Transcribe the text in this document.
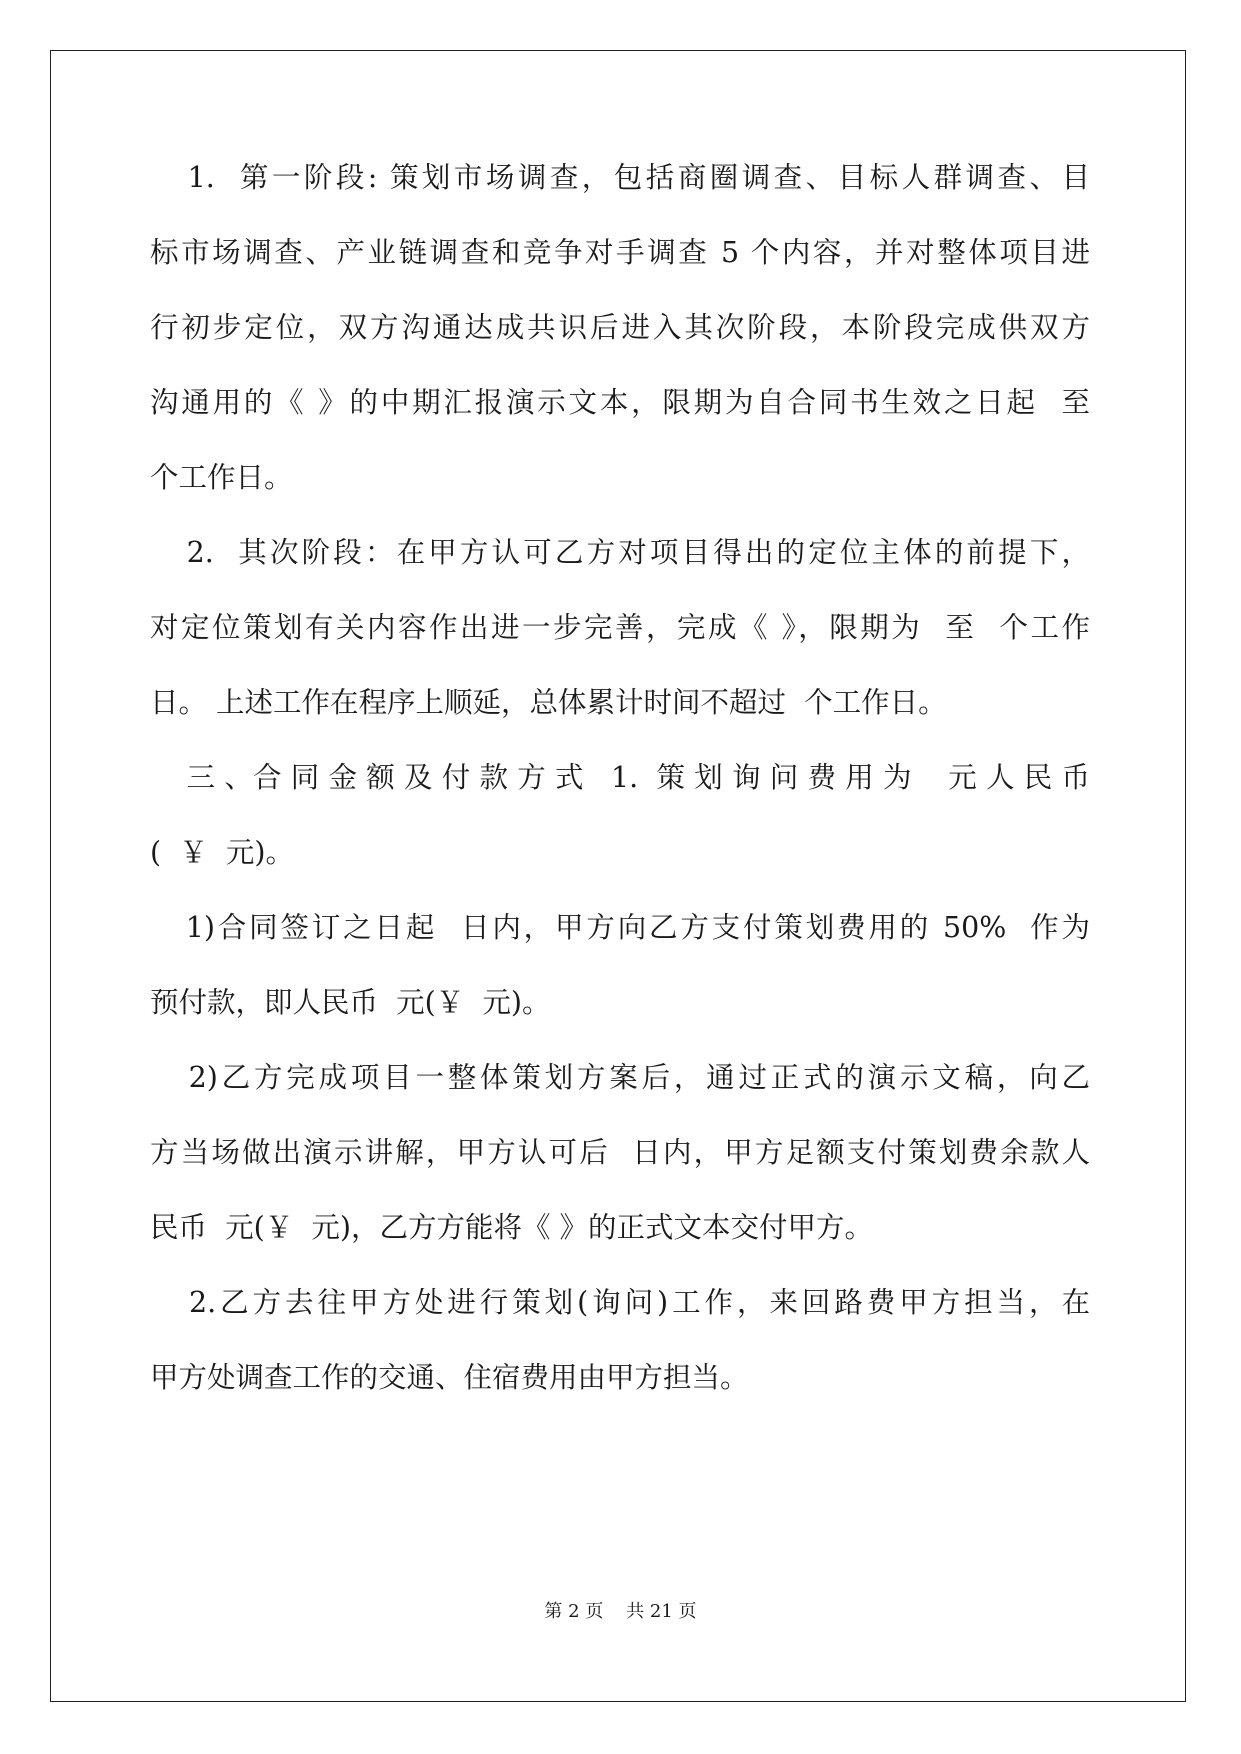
1.  第一阶段: 策划市场调查，包括商圈调查、目标人群调查、目
标市场调查、产业链调查和竞争对手调查 5 个内容，并对整体项目进
行初步定位，双方沟通达成共识后进入其次阶段，本阶段完成供双方
沟通用的《 》的中期汇报演示文本，限期为自合同书生效之日起  至
个工作日。
2.  其次阶段：在甲方认可乙方对项目得出的定位主体的前提下，
对定位策划有关内容作出进一步完善，完成《 》，限期为  至  个工作
日。 上述工作在程序上顺延，总体累计时间不超过  个工作日。
三 、合 同 金 额 及 付 款 方 式   1.  策 划 询 问 费 用 为    元 人 民 币
(  ￥  元)。
1)合同签订之日起  日内，甲方向乙方支付策划费用的 50%  作为
预付款，即人民币  元(￥  元)。
2)乙方完成项目一整体策划方案后，通过正式的演示文稿，向乙
方当场做出演示讲解，甲方认可后  日内，甲方足额支付策划费余款人
民币  元(￥  元)，乙方方能将《 》的正式文本交付甲方。
2.乙方去往甲方处进行策划(询问)工作，来回路费甲方担当，在
甲方处调查工作的交通、住宿费用由甲方担当。
第 2 页    共 21 页
